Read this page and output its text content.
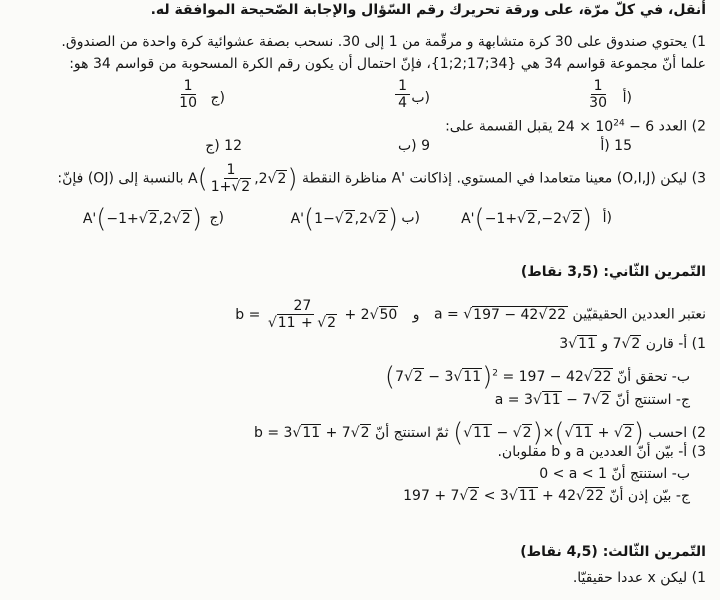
أنقل، في كلّ مرّة، على ورقة تحريرك رقم السّؤال والإجابة الصّحيحة الموافقة له.
1) يحتوي صندوق على 30 كرة متشابهة و مرقّمة من 1 إلى 30. نسحب بصفة عشوائية كرة واحدة من الصندوق.
علما أنّ مجموعة قواسم 34 هي {1;2;17;34}، فإنّ احتمال أن يكون رقم الكرة المسحوبة من قواسم 34 هو:
$\frac{1}{30}$ أ)
$\frac{1}{4}$ ب)
$\frac{1}{10}$ ج)
2) العدد $24 \times 10^{24} - 6$ يقبل القسمة على:
أ) 15
ب) 9
ج) 12
3) ليكن (O,I,J) معينا متعامدا في المستوي. إذاكانت A' مناظرة النقطة $A( \frac{1}{1+√2} ,2√2)$ بالنسبة إلى (OJ) فإنّ:
A'(−1+√2,−2√2) أ)
A'(1−√2,2√2) ب)
A'(−1+√2,2√2) ج)
التّمرين الثّاني: (3,5 نقاط)
نعتبر العددين الحقيقيّين a = √197 − 42√22 و $b = \frac{27}{√11 + √2} + 2√50$
1) أ- قارن 7√2 و 3√11
ب- تحقق أنّ $(7√2 - 3√11)^2 = 197 - 42√22$
ج- استنتج أنّ a = 3√11 − 7√2
2) احسب (√11 − √2)×(√11 + √2) ثمّ استنتج أنّ b = 3√11 + 7√2
3) أ- بيّن أنّ العددين a و b مقلوبان.
ب- استنتج أنّ 0 < a < 1
ج- بيّن إذن أنّ 197 + 7√2 < 3√11 + 42√22
التّمرين الثّالث: (4,5 نقاط)
1) ليكن x عددا حقيقيّا.
